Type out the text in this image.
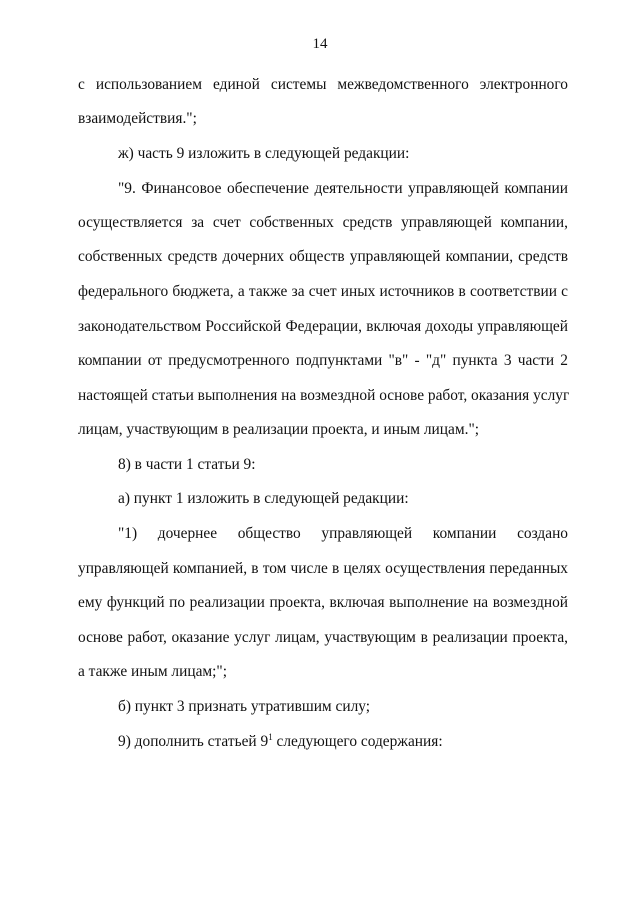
14
с использованием единой системы межведомственного электронного
взаимодействия.";
ж) часть 9 изложить в следующей редакции:
"9. Финансовое обеспечение деятельности управляющей компании
осуществляется за счет собственных средств управляющей компании,
собственных средств дочерних обществ управляющей компании, средств
федерального бюджета, а также за счет иных источников в соответствии с
законодательством Российской Федерации, включая доходы управляющей
компании от предусмотренного подпунктами "в" - "д" пункта 3 части 2
настоящей статьи выполнения на возмездной основе работ, оказания услуг
лицам, участвующим в реализации проекта, и иным лицам.";
8) в части 1 статьи 9:
а) пункт 1 изложить в следующей редакции:
"1) дочернее общество управляющей компании создано
управляющей компанией, в том числе в целях осуществления переданных
ему функций по реализации проекта, включая выполнение на возмездной
основе работ, оказание услуг лицам, участвующим в реализации проекта,
а также иным лицам;";
б) пункт 3 признать утратившим силу;
9) дополнить статьей $9^1$ следующего содержания:
